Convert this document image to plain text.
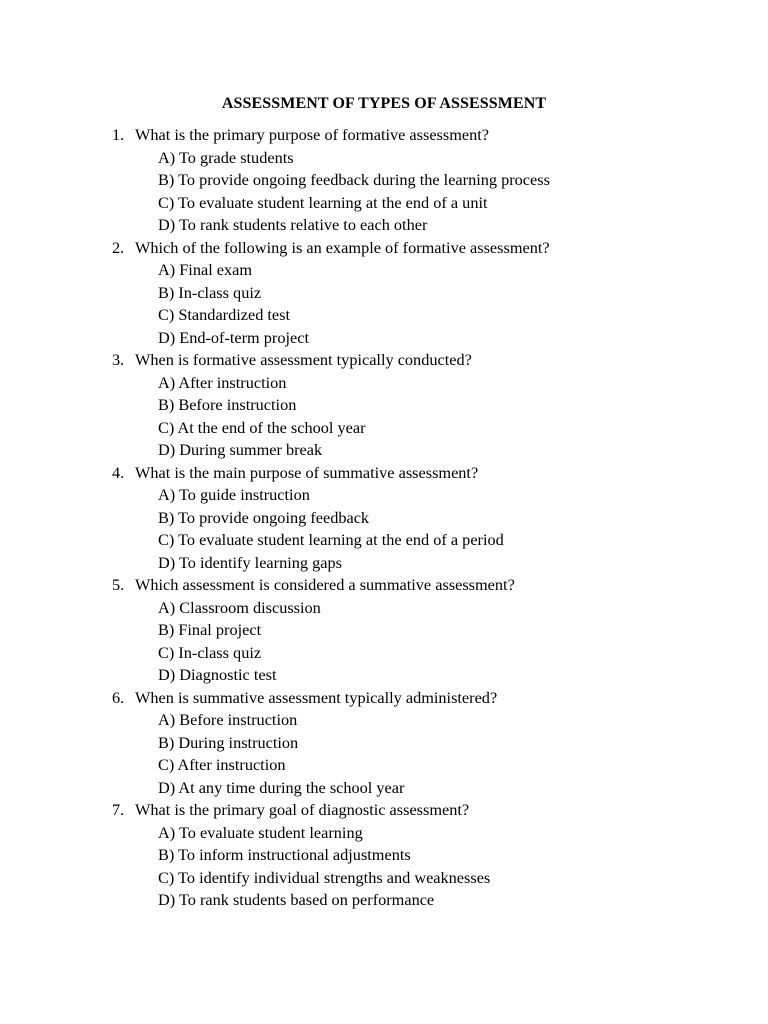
ASSESSMENT OF TYPES OF ASSESSMENT
1. What is the primary purpose of formative assessment?
A) To grade students
B) To provide ongoing feedback during the learning process
C) To evaluate student learning at the end of a unit
D) To rank students relative to each other
2. Which of the following is an example of formative assessment?
A) Final exam
B) In-class quiz
C) Standardized test
D) End-of-term project
3. When is formative assessment typically conducted?
A) After instruction
B) Before instruction
C) At the end of the school year
D) During summer break
4. What is the main purpose of summative assessment?
A) To guide instruction
B) To provide ongoing feedback
C) To evaluate student learning at the end of a period
D) To identify learning gaps
5. Which assessment is considered a summative assessment?
A) Classroom discussion
B) Final project
C) In-class quiz
D) Diagnostic test
6. When is summative assessment typically administered?
A) Before instruction
B) During instruction
C) After instruction
D) At any time during the school year
7. What is the primary goal of diagnostic assessment?
A) To evaluate student learning
B) To inform instructional adjustments
C) To identify individual strengths and weaknesses
D) To rank students based on performance
